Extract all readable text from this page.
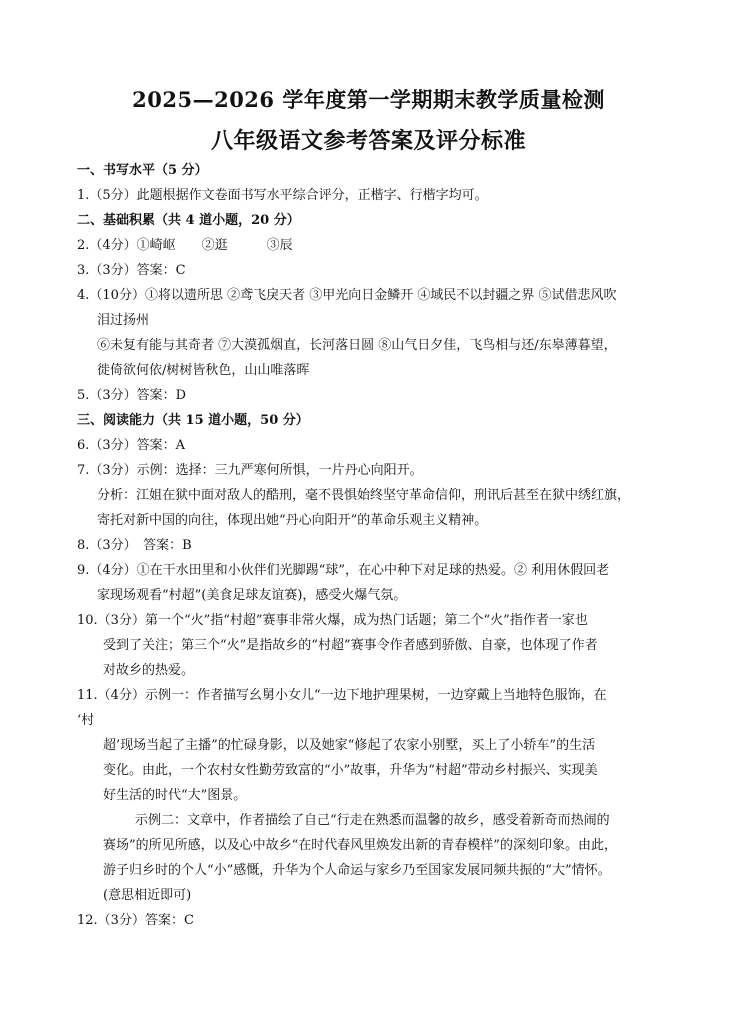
2025—2026 学年度第一学期期末教学质量检测
八年级语文参考答案及评分标准
一、书写水平（5 分）
1.（5分）此题根据作文卷面书写水平综合评分，正楷字、行楷字均可。
二、基础积累（共 4 道小题，20 分）
2.（4分）①崎岖　　②逛　　　③辰
3.（3分）答案：C
4.（10分）①将以遗所思 ②鸢飞戾天者 ③甲光向日金鳞开 ④域民不以封疆之界 ⑤试借悲风吹
泪过扬州
⑥未复有能与其奇者 ⑦大漠孤烟直，长河落日圆 ⑧山气日夕佳，飞鸟相与还/东皋薄暮望，
徙倚欲何依/树树皆秋色，山山唯落晖
5.（3分）答案：D
三、阅读能力（共 15 道小题，50 分）
6.（3分）答案：A
7.（3分）示例：选择：三九严寒何所惧，一片丹心向阳开。
分析：江姐在狱中面对敌人的酷刑，毫不畏惧始终坚守革命信仰，刑讯后甚至在狱中绣红旗，
寄托对新中国的向往，体现出她“丹心向阳开”的革命乐观主义精神。
8.（3分）　答案：B
9.（4分）①在干水田里和小伙伴们光脚踢“球”，在心中种下对足球的热爱。② 利用休假回老
家现场观看“村超”(美食足球友谊赛)，感受火爆气氛。
10.（3分）第一个“火”指“村超”赛事非常火爆，成为热门话题；第二个“火”指作者一家也
受到了关注；第三个“火”是指故乡的“村超”赛事令作者感到骄傲、自豪，也体现了作者
对故乡的热爱。
11.（4分）示例一：作者描写幺舅小女儿“一边下地护理果树，一边穿戴上当地特色服饰，在
‘村
超’现场当起了主播”的忙碌身影，以及她家“修起了农家小别墅，买上了小轿车”的生活
变化。由此，一个农村女性勤劳致富的“小”故事，升华为“村超”带动乡村振兴、实现美
好生活的时代“大”图景。
示例二：文章中，作者描绘了自己“行走在熟悉而温馨的故乡，感受着新奇而热闹的
赛场”的所见所感，以及心中故乡“在时代春风里焕发出新的青春模样”的深刻印象。由此，
游子归乡时的个人“小”感慨，升华为个人命运与家乡乃至国家发展同频共振的“大”情怀。
(意思相近即可)
12.（3分）答案：C
